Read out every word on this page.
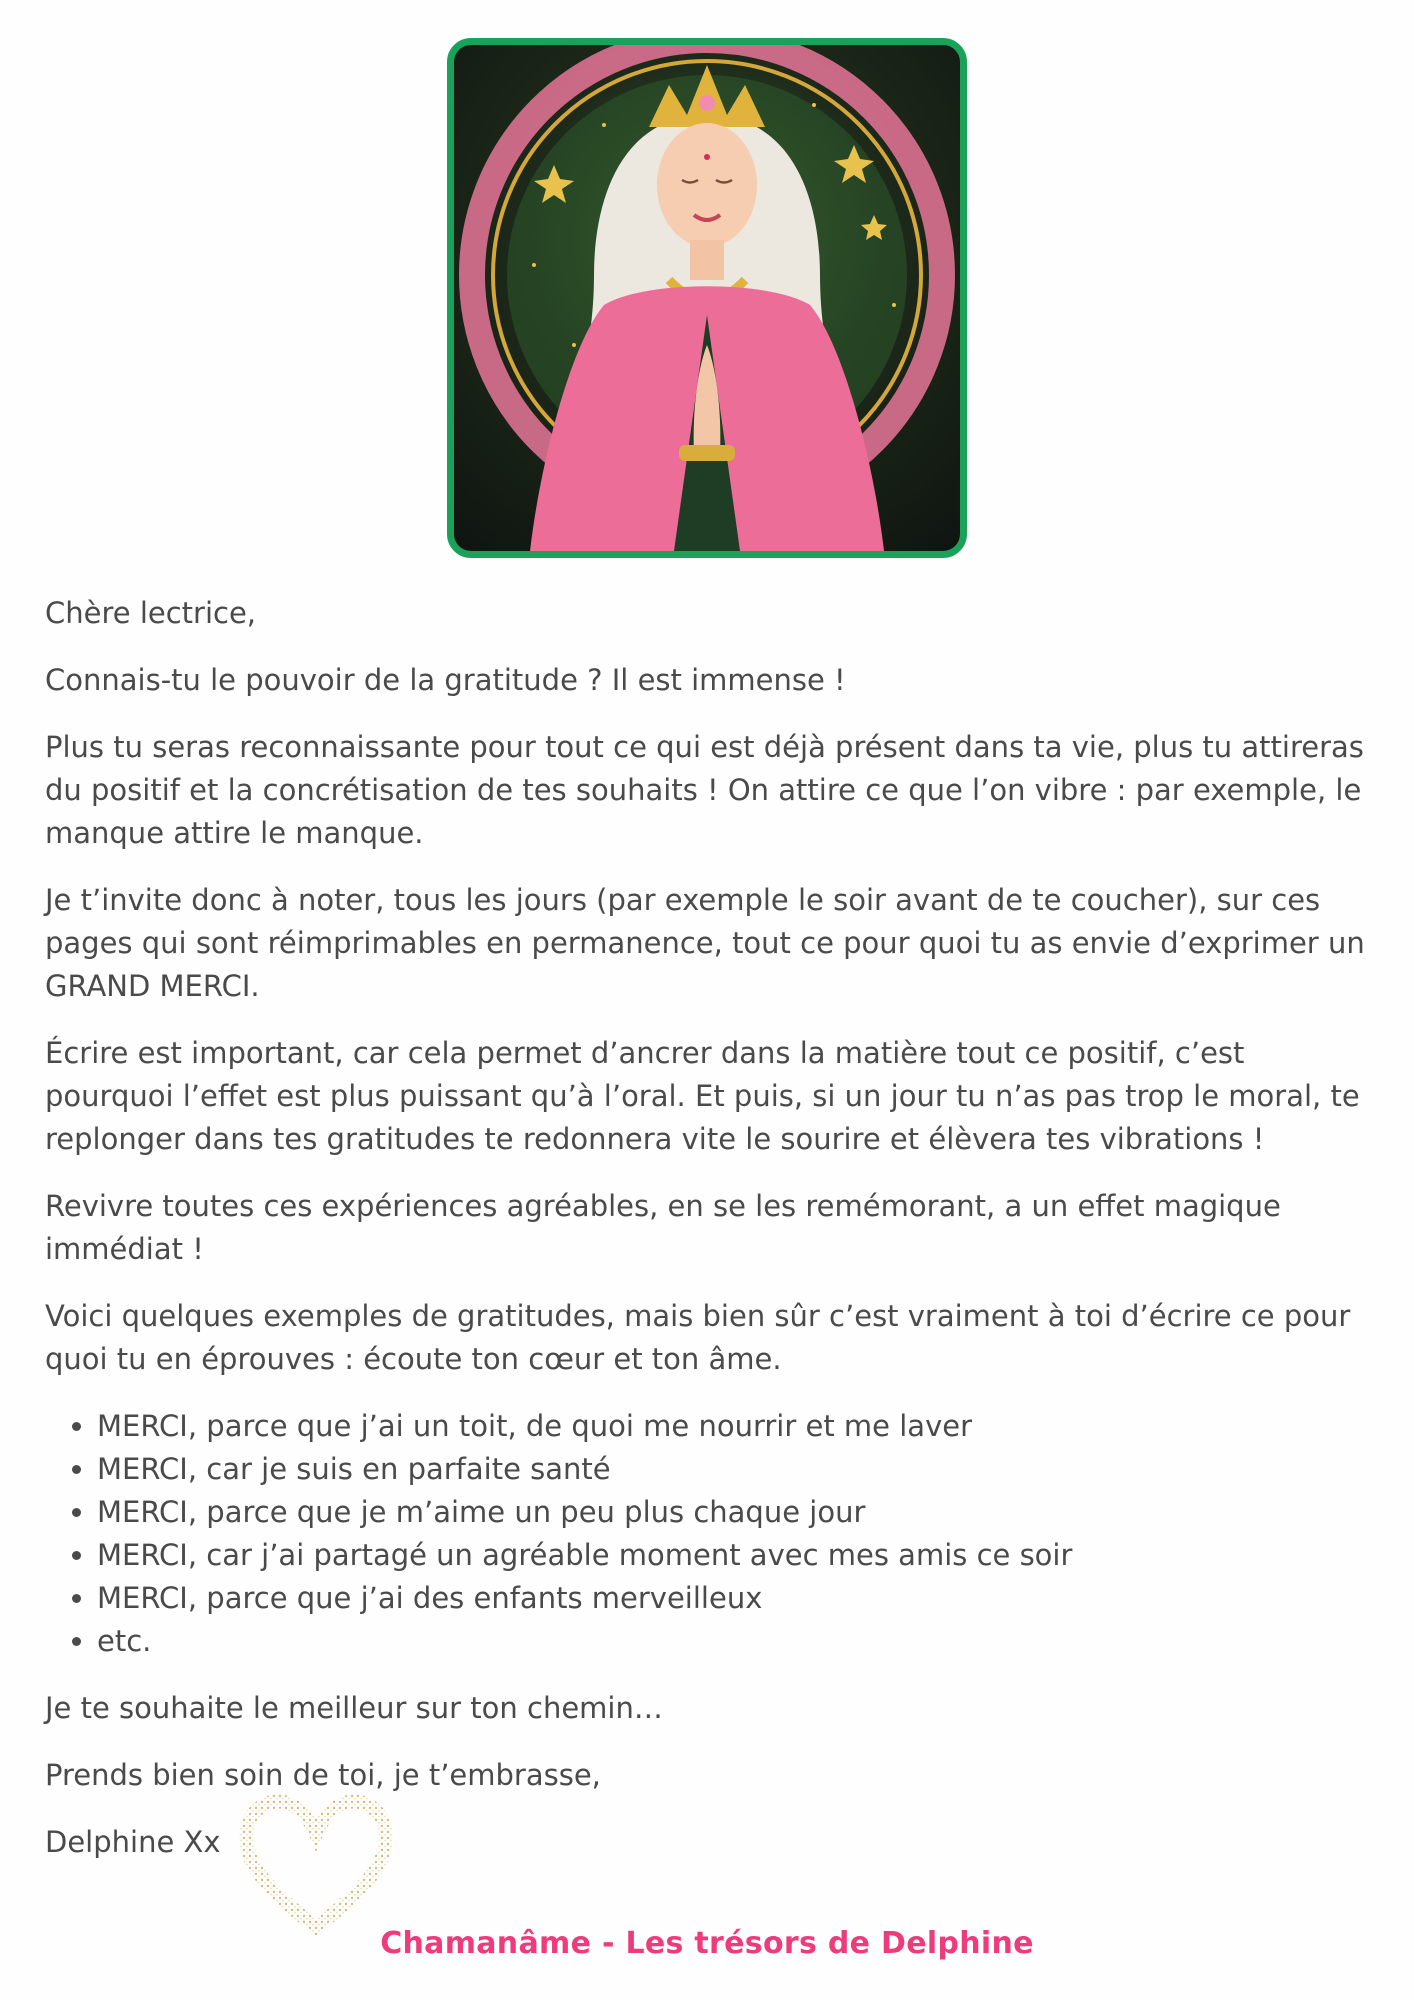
Chère lectrice,

Connais-tu le pouvoir de la gratitude ? Il est immense !

Plus tu seras reconnaissante pour tout ce qui est déjà présent dans ta vie, plus tu attireras du positif et la concrétisation de tes souhaits ! On attire ce que l’on vibre : par exemple, le manque attire le manque.

Je t’invite donc à noter, tous les jours (par exemple le soir avant de te coucher), sur ces pages qui sont réimprimables en permanence, tout ce pour quoi tu as envie d’exprimer un GRAND MERCI.

Écrire est important, car cela permet d’ancrer dans la matière tout ce positif, c’est pourquoi l’effet est plus puissant qu’à l’oral. Et puis, si un jour tu n’as pas trop le moral, te replonger dans tes gratitudes te redonnera vite le sourire et élèvera tes vibrations !

Revivre toutes ces expériences agréables, en se les remémorant, a un effet magique immédiat !

Voici quelques exemples de gratitudes, mais bien sûr c’est vraiment à toi d’écrire ce pour quoi tu en éprouves : écoute ton cœur et ton âme.

• MERCI, parce que j’ai un toit, de quoi me nourrir et me laver
• MERCI, car je suis en parfaite santé
• MERCI, parce que je m’aime un peu plus chaque jour
• MERCI, car j’ai partagé un agréable moment avec mes amis ce soir
• MERCI, parce que j’ai des enfants merveilleux
• etc.

Je te souhaite le meilleur sur ton chemin…

Prends bien soin de toi, je t’embrasse,

Delphine Xx

Chamanâme - Les trésors de Delphine
